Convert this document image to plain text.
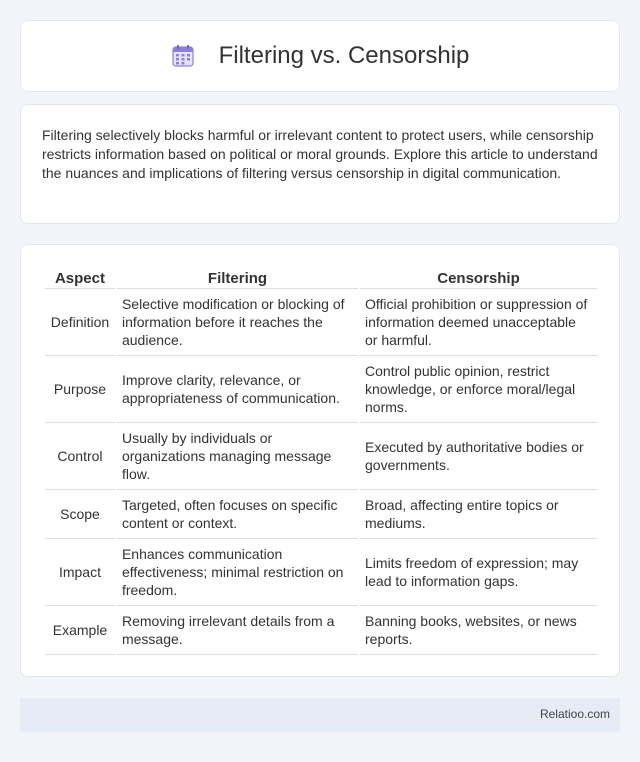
Filtering vs. Censorship

Filtering selectively blocks harmful or irrelevant content to protect users, while censorship restricts information based on political or moral grounds. Explore this article to understand the nuances and implications of filtering versus censorship in digital communication.

Aspect	Filtering	Censorship
Definition	Selective modification or blocking of information before it reaches the audience.	Official prohibition or suppression of information deemed unacceptable or harmful.
Purpose	Improve clarity, relevance, or appropriateness of communication.	Control public opinion, restrict knowledge, or enforce moral/legal norms.
Control	Usually by individuals or organizations managing message flow.	Executed by authoritative bodies or governments.
Scope	Targeted, often focuses on specific content or context.	Broad, affecting entire topics or mediums.
Impact	Enhances communication effectiveness; minimal restriction on freedom.	Limits freedom of expression; may lead to information gaps.
Example	Removing irrelevant details from a message.	Banning books, websites, or news reports.
Relatioo.com
